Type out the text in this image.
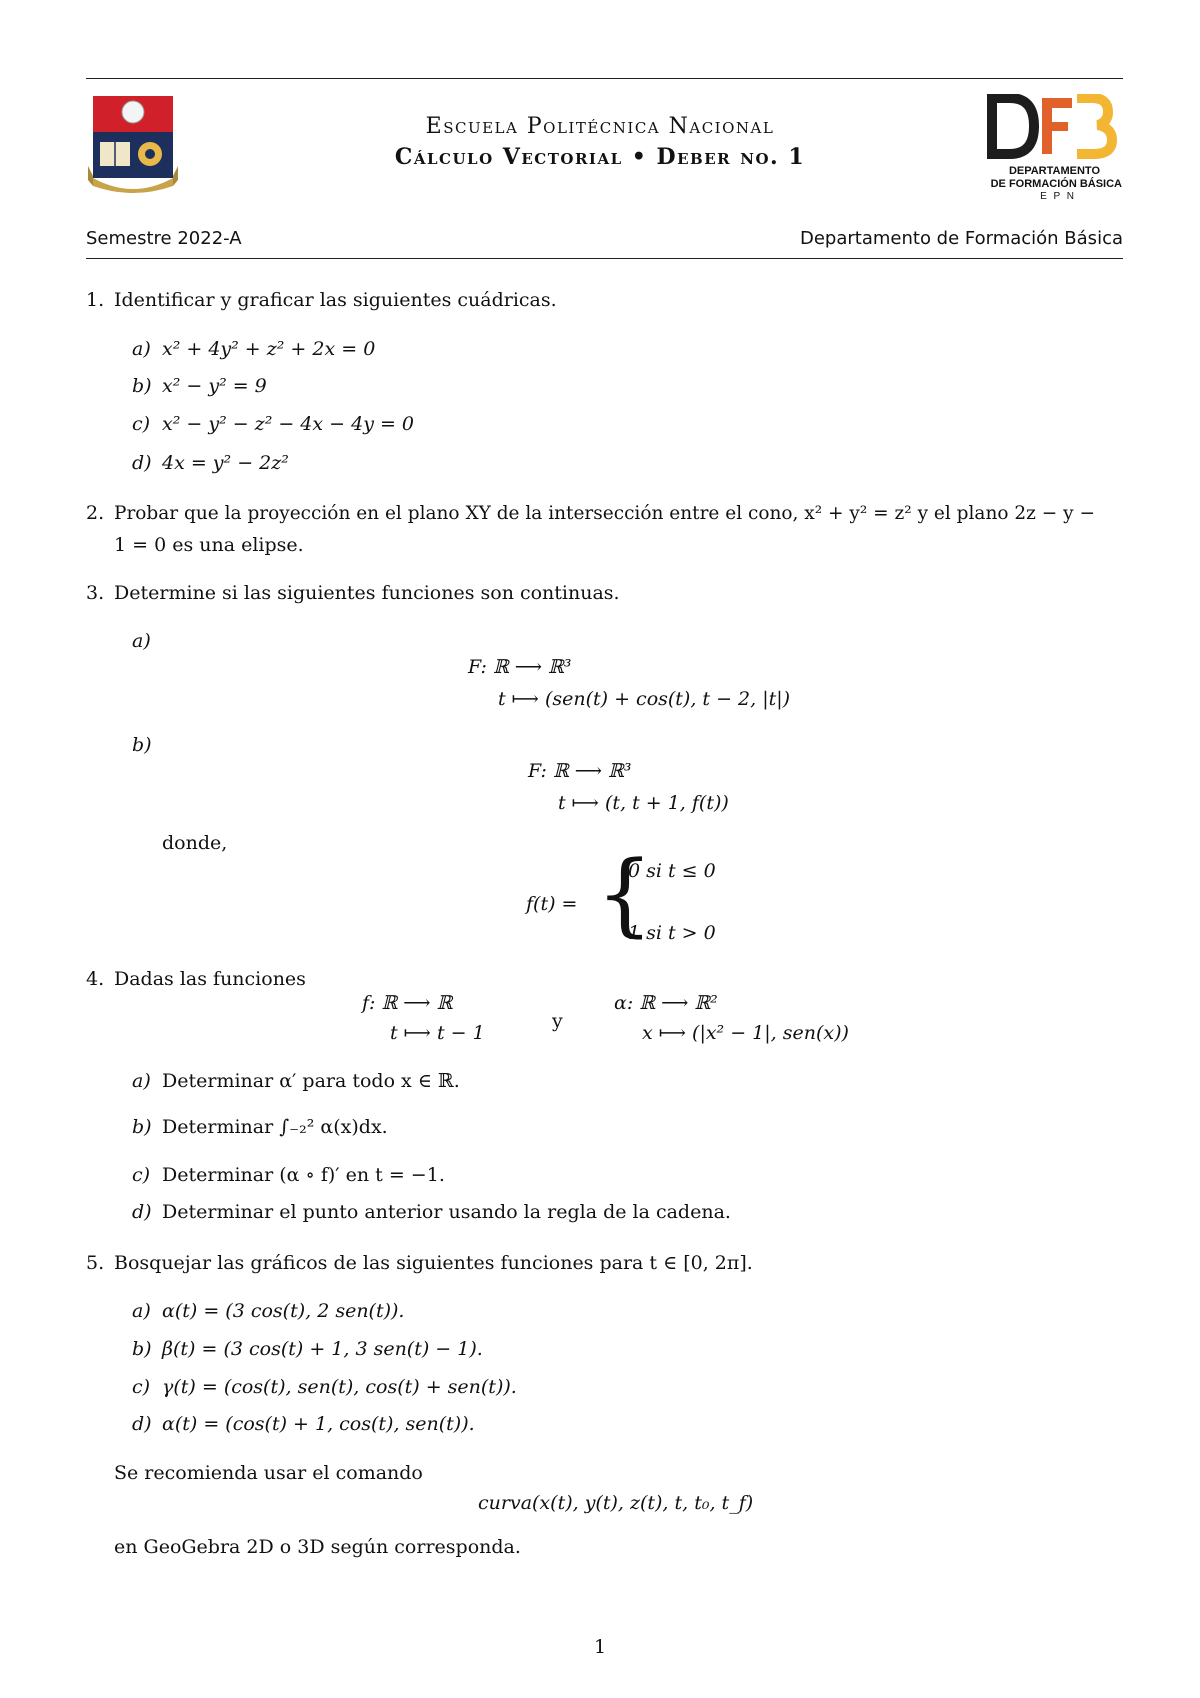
Escuela Politécnica Nacional
Cálculo Vectorial • Deber no. 1
DEPARTAMENTO
DE FORMACIÓN BÁSICA
E P N
Semestre 2022-A	Departamento de Formación Básica
1. Identificar y graficar las siguientes cuádricas.
a) x² + 4y² + z² + 2x = 0
b) x² − y² = 9
c) x² − y² − z² − 4x − 4y = 0
d) 4x = y² − 2z²
2. Probar que la proyección en el plano XY de la intersección entre el cono, x² + y² = z² y el plano 2z − y −
1 = 0 es una elipse.
3. Determine si las siguientes funciones son continuas.
a)
F: ℝ ⟶ ℝ³
t ⟼ (sen(t) + cos(t), t − 2, |t|)
b)
F: ℝ ⟶ ℝ³
t ⟼ (t, t + 1, f(t))
donde,
f(t) = {
0 si t ≤ 0
1 si t > 0
4. Dadas las funciones
f: ℝ ⟶ ℝ
t ⟼ t − 1
y
α: ℝ ⟶ ℝ²
x ⟼ (|x² − 1|, sen(x))
a) Determinar α′ para todo x ∈ ℝ.
b) Determinar ∫₋₂² α(x)dx.
c) Determinar (α ∘ f)′ en t = −1.
d) Determinar el punto anterior usando la regla de la cadena.
5. Bosquejar las gráficos de las siguientes funciones para t ∈ [0, 2π].
a) α(t) = (3 cos(t), 2 sen(t)).
b) β(t) = (3 cos(t) + 1, 3 sen(t) − 1).
c) γ(t) = (cos(t), sen(t), cos(t) + sen(t)).
d) α(t) = (cos(t) + 1, cos(t), sen(t)).
Se recomienda usar el comando
curva(x(t), y(t), z(t), t, t₀, t_f)
en GeoGebra 2D o 3D según corresponda.
1
